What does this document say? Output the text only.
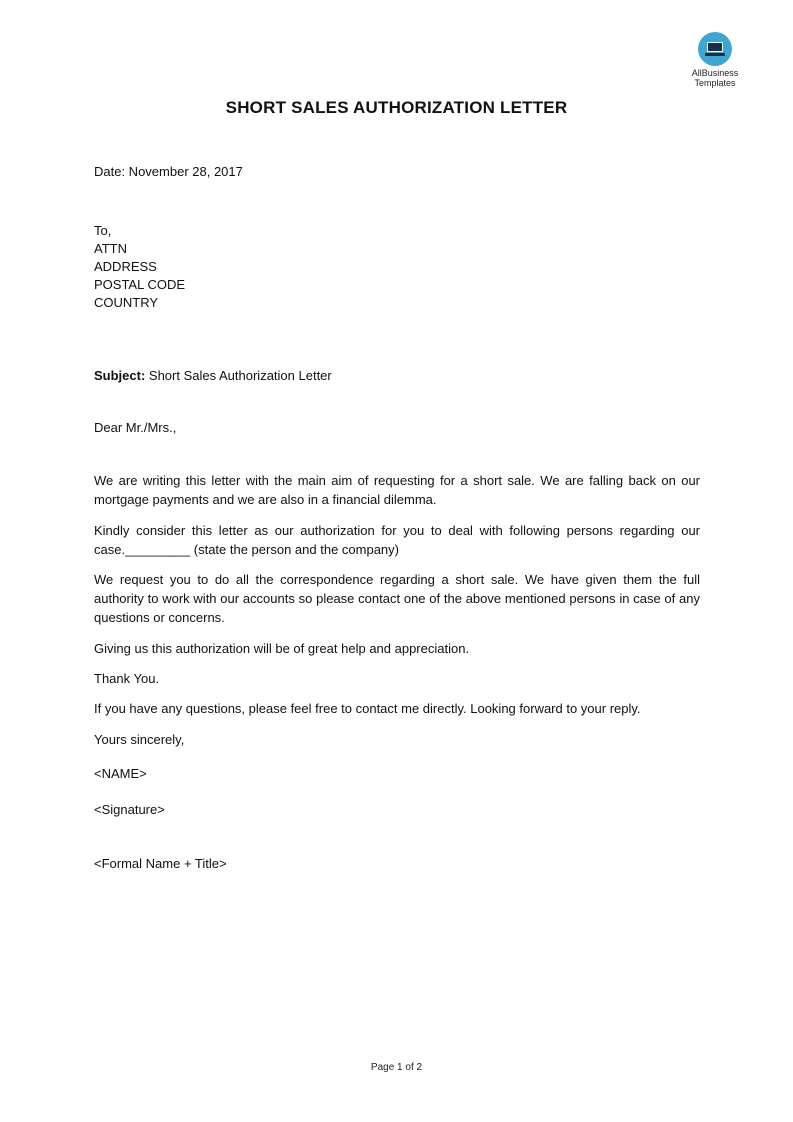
AllBusiness
Templates
SHORT SALES AUTHORIZATION LETTER
Date: November 28, 2017
To,
ATTN
ADDRESS
POSTAL CODE
COUNTRY
Subject: Short Sales Authorization Letter
Dear Mr./Mrs.,

We are writing this letter with the main aim of requesting for a short sale. We are falling back on our mortgage payments and we are also in a financial dilemma.

Kindly consider this letter as our authorization for you to deal with following persons regarding our case._________ (state the person and the company)

We request you to do all the correspondence regarding a short sale. We have given them the full authority to work with our accounts so please contact one of the above mentioned persons in case of any questions or concerns.

Giving us this authorization will be of great help and appreciation.

Thank You.

If you have any questions, please feel free to contact me directly. Looking forward to your reply.

Yours sincerely,
<NAME>
<Signature>
<Formal Name + Title>
Page 1 of 2
